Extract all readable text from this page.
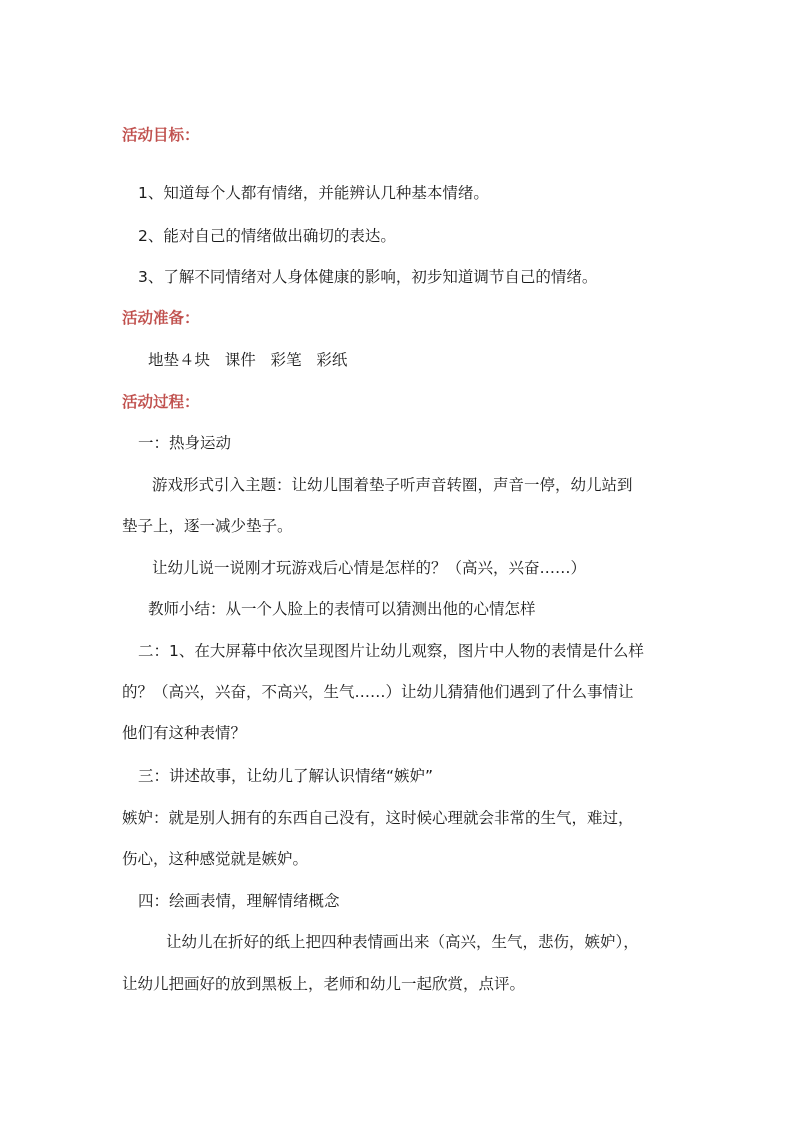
活动目标：
1、知道每个人都有情绪，并能辨认几种基本情绪。
2、能对自己的情绪做出确切的表达。
3、了解不同情绪对人身体健康的影响，初步知道调节自己的情绪。
活动准备：
地垫４块   课件   彩笔   彩纸
活动过程：
一：热身运动
游戏形式引入主题：让幼儿围着垫子听声音转圈，声音一停，幼儿站到
垫子上，逐一减少垫子。
让幼儿说一说刚才玩游戏后心情是怎样的？（高兴，兴奋……）
教师小结：从一个人脸上的表情可以猜测出他的心情怎样
二：1、在大屏幕中依次呈现图片让幼儿观察，图片中人物的表情是什么样
的？（高兴，兴奋，不高兴，生气……）让幼儿猜猜他们遇到了什么事情让
他们有这种表情？
三：讲述故事，让幼儿了解认识情绪“嫉妒”
嫉妒：就是别人拥有的东西自己没有，这时候心理就会非常的生气，难过，
伤心，这种感觉就是嫉妒。
四：绘画表情，理解情绪概念
让幼儿在折好的纸上把四种表情画出来（高兴，生气，悲伤，嫉妒），
让幼儿把画好的放到黑板上，老师和幼儿一起欣赏，点评。
